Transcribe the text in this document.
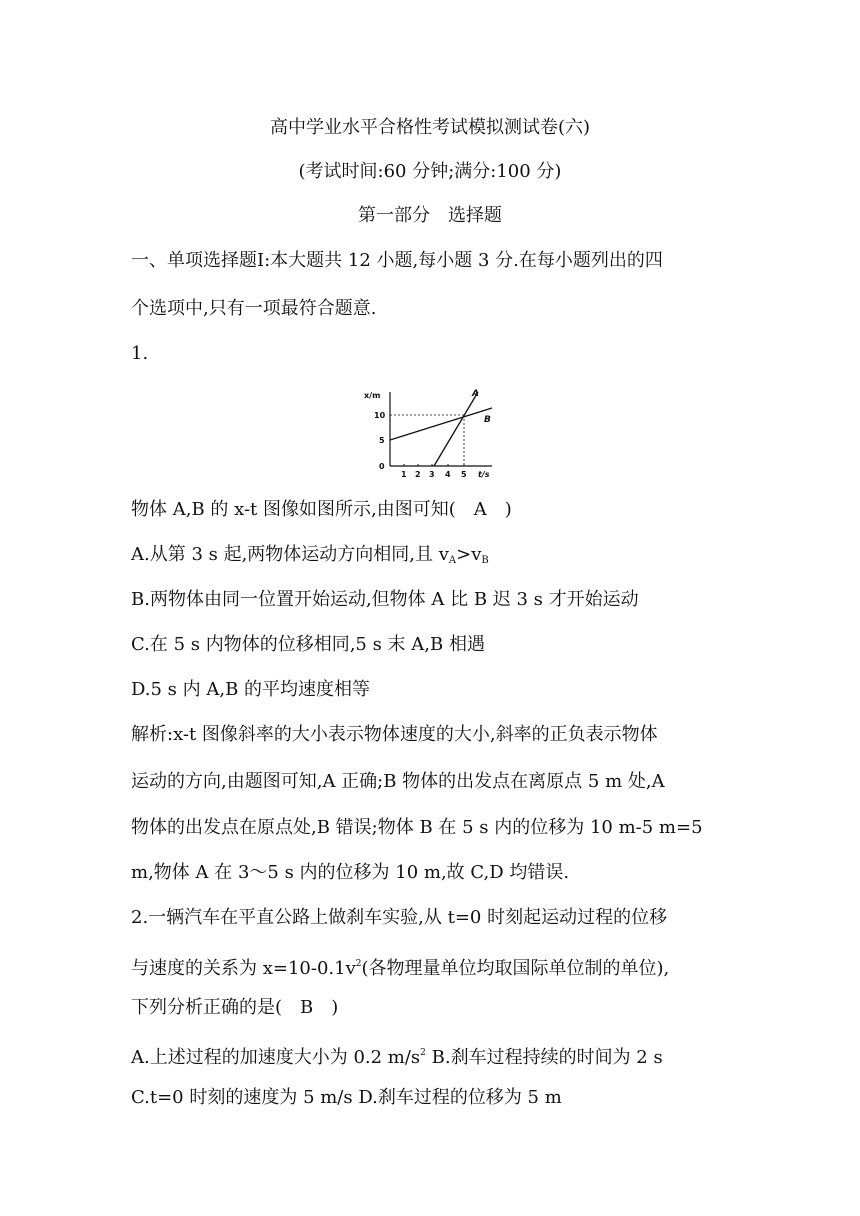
高中学业水平合格性考试模拟测试卷(六)
(考试时间:60 分钟;满分:100 分)
第一部分　选择题
一、单项选择题Ⅰ:本大题共 12 小题,每小题 3 分.在每小题列出的四
个选项中,只有一项最符合题意.
1.
x/m
t/s
10
5
0
1 2 3 4 5
A
B
物体 A,B 的 x-t 图像如图所示,由图可知(　A　)
A.从第 3 s 起,两物体运动方向相同,且 $v_A>v_B$
B.两物体由同一位置开始运动,但物体 A 比 B 迟 3 s 才开始运动
C.在 5 s 内物体的位移相同,5 s 末 A,B 相遇
D.5 s 内 A,B 的平均速度相等
解析:x-t 图像斜率的大小表示物体速度的大小,斜率的正负表示物体
运动的方向,由题图可知,A 正确;B 物体的出发点在离原点 5 m 处,A
物体的出发点在原点处,B 错误;物体 B 在 5 s 内的位移为 10 m-5 m=5
m,物体 A 在 3～5 s 内的位移为 10 m,故 C,D 均错误.
2.一辆汽车在平直公路上做刹车实验,从 t=0 时刻起运动过程的位移
与速度的关系为 $x=10-0.1v^2$(各物理量单位均取国际单位制的单位),
下列分析正确的是(　B　)
A.上述过程的加速度大小为 0.2 $m/s^2$ B.刹车过程持续的时间为 2 s
C.t=0 时刻的速度为 5 m/s D.刹车过程的位移为 5 m
